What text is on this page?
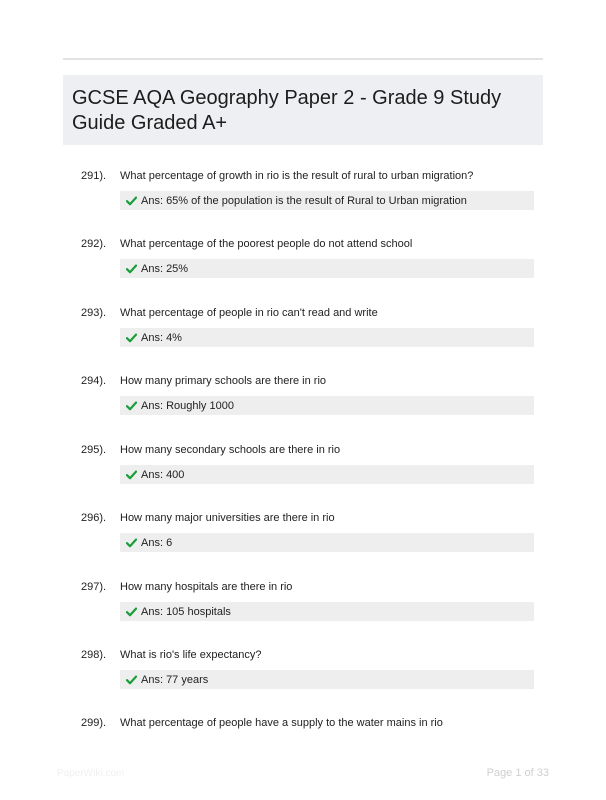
GCSE AQA Geography Paper 2 - Grade 9 Study Guide Graded A+
291). What percentage of growth in rio is the result of rural to urban migration?
Ans: 65% of the population is the result of Rural to Urban migration
292). What percentage of the poorest people do not attend school
Ans: 25%
293). What percentage of people in rio can't read and write
Ans: 4%
294). How many primary schools are there in rio
Ans: Roughly 1000
295). How many secondary schools are there in rio
Ans: 400
296). How many major universities are there in rio
Ans: 6
297). How many hospitals are there in rio
Ans: 105 hospitals
298). What is rio's life expectancy?
Ans: 77 years
299). What percentage of people have a supply to the water mains in rio
PaperWiki.com	Page 1 of 33
